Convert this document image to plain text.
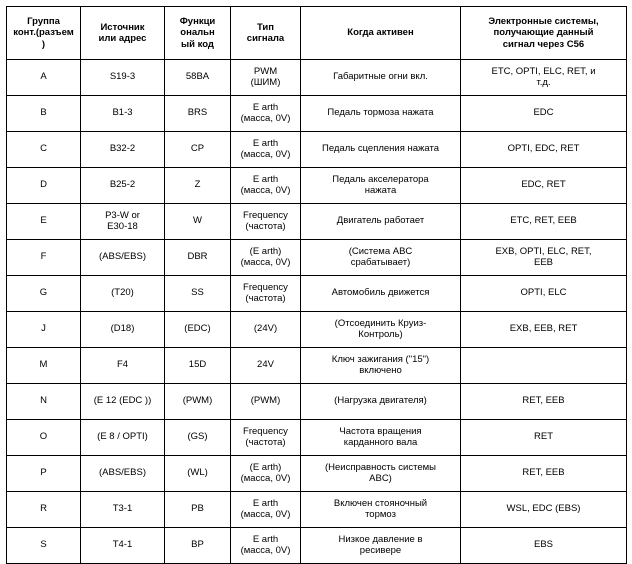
Группа
конт.(разъем
)	Источник
или адрес	Функци
ональн
ый код	Тип
сигнала	Когда активен	Электронные системы,
получающие данный
сигнал через C56

A	S19-3	58BA	PWM
(ШИМ)	Габаритные огни вкл.	ETC, OPTI, ELC, RET, и
т.д.

B	B1-3	BRS	E arth
(масса, 0V)	Педаль тормоза нажата	EDC

C	B32-2	CP	E arth
(масса, 0V)	Педаль сцепления нажата	OPTI, EDC, RET

D	B25-2	Z	E arth
(масса, 0V)	Педаль акселератора
нажата	EDC, RET

E	P3-W or
E30-18	W	Frequency
(частота)	Двигатель работает	ETC, RET, EEB

F	(ABS/EBS)	DBR	(E arth)
(масса, 0V)	(Система ABC
срабатывает)	EXB, OPTI, ELC, RET,
EEB

G	(T20)	SS	Frequency
(частота)	Автомобиль движется	OPTI, ELC

J	(D18)	(EDC)	(24V)	(Отсоединить Круиз-
Контроль)	EXB, EEB, RET

M	F4	15D	24V	Ключ зажигания ("15")
включено	

N	(E 12 (EDC ))	(PWM)	(PWM)	(Нагрузка двигателя)	RET, EEB

O	(E 8 / OPTI)	(GS)	Frequency
(частота)	Частота вращения
карданного вала	RET

P	(ABS/EBS)	(WL)	(E arth)
(масса, 0V)	(Неисправность системы
ABC)	RET, EEB

R	T3-1	PB	E arth
(масса, 0V)	Включен стояночный
тормоз	WSL, EDC (EBS)

S	T4-1	BP	E arth
(масса, 0V)	Низкое давление в
ресивере	EBS
